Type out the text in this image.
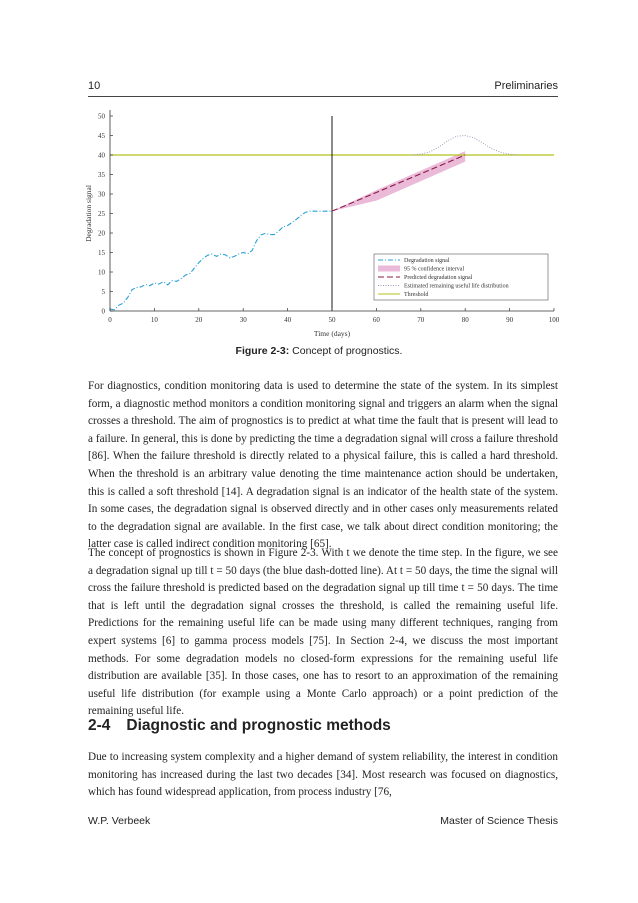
10	Preliminaries
0	10	20	30	40	50	60	70	80	90	100
0
5
10
15
20
25
30
35
40
45
50
Time (days)
Degradation signal
Degradation signal
95 % confidence interval
Predicted degradation signal
Estimated remaining useful life distribution
Threshold
Figure 2-3: Concept of prognostics.

For diagnostics, condition monitoring data is used to determine the state of the system. In its simplest form, a diagnostic method monitors a condition monitoring signal and triggers an alarm when the signal crosses a threshold. The aim of prognostics is to predict at what time the fault that is present will lead to a failure. In general, this is done by predicting the time a degradation signal will cross a failure threshold [86]. When the failure threshold is directly related to a physical failure, this is called a hard threshold. When the threshold is an arbitrary value denoting the time maintenance action should be undertaken, this is called a soft threshold [14]. A degradation signal is an indicator of the health state of the system. In some cases, the degradation signal is observed directly and in other cases only measurements related to the degradation signal are available. In the first case, we talk about direct condition monitoring; the latter case is called indirect condition monitoring [65].

The concept of prognostics is shown in Figure 2-3. With t we denote the time step. In the figure, we see a degradation signal up till t = 50 days (the blue dash-dotted line). At t = 50 days, the time the signal will cross the failure threshold is predicted based on the degradation signal up till time t = 50 days. The time that is left until the degradation signal crosses the threshold, is called the remaining useful life. Predictions for the remaining useful life can be made using many different techniques, ranging from expert systems [6] to gamma process models [75]. In Section 2-4, we discuss the most important methods. For some degradation models no closed-form expressions for the remaining useful life distribution are available [35]. In those cases, one has to resort to an approximation of the remaining useful life distribution (for example using a Monte Carlo approach) or a point prediction of the remaining useful life.

2-4 Diagnostic and prognostic methods

Due to increasing system complexity and a higher demand of system reliability, the interest in condition monitoring has increased during the last two decades [34]. Most research was focused on diagnostics, which has found widespread application, from process industry [76,

W.P. Verbeek	Master of Science Thesis
